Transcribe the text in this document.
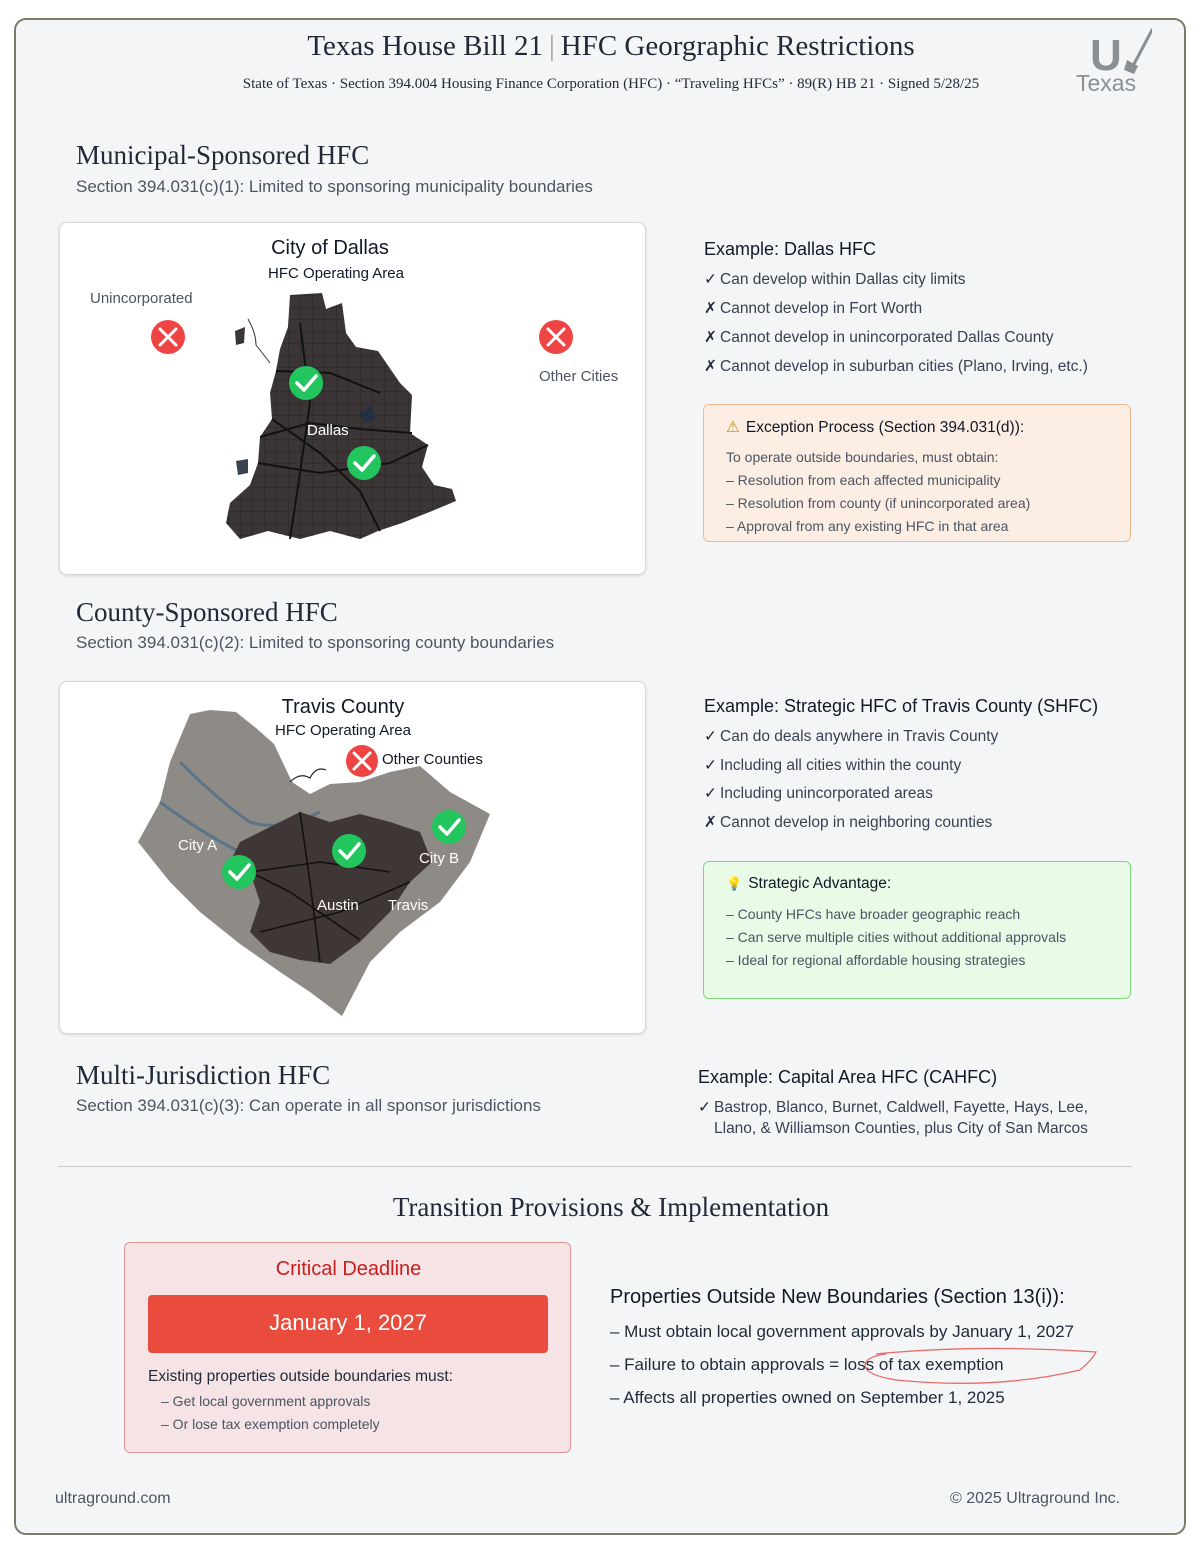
Texas House Bill 21 | HFC Georgraphic Restrictions
State of Texas · Section 394.004 Housing Finance Corporation (HFC) · “Traveling HFCs” · 89(R) HB 21 · Signed 5/28/25
U
Texas
Municipal-Sponsored HFC
Section 394.031(c)(1): Limited to sponsoring municipality boundaries
City of Dallas
HFC Operating Area
Unincorporated
Other Cities
Dallas
Example: Dallas HFC
✓ Can develop within Dallas city limits
✗ Cannot develop in Fort Worth
✗ Cannot develop in unincorporated Dallas County
✗ Cannot develop in suburban cities (Plano, Irving, etc.)
⚠ Exception Process (Section 394.031(d)):
To operate outside boundaries, must obtain:
– Resolution from each affected municipality
– Resolution from county (if unincorporated area)
– Approval from any existing HFC in that area
County-Sponsored HFC
Section 394.031(c)(2): Limited to sponsoring county boundaries
Travis County
HFC Operating Area
Other Counties
City A
City B
Austin Travis
Example: Strategic HFC of Travis County (SHFC)
✓ Can do deals anywhere in Travis County
✓ Including all cities within the county
✓ Including unincorporated areas
✗ Cannot develop in neighboring counties
💡 Strategic Advantage:
– County HFCs have broader geographic reach
– Can serve multiple cities without additional approvals
– Ideal for regional affordable housing strategies
Multi-Jurisdiction HFC
Section 394.031(c)(3): Can operate in all sponsor jurisdictions
Example: Capital Area HFC (CAHFC)
✓ Bastrop, Blanco, Burnet, Caldwell, Fayette, Hays, Lee,
Llano, & Williamson Counties, plus City of San Marcos
Transition Provisions & Implementation
Critical Deadline
January 1, 2027
Existing properties outside boundaries must:
– Get local government approvals
– Or lose tax exemption completely
Properties Outside New Boundaries (Section 13(i)):
– Must obtain local government approvals by January 1, 2027
– Failure to obtain approvals = loss of tax exemption
– Affects all properties owned on September 1, 2025
ultraground.com	© 2025 Ultraground Inc.
